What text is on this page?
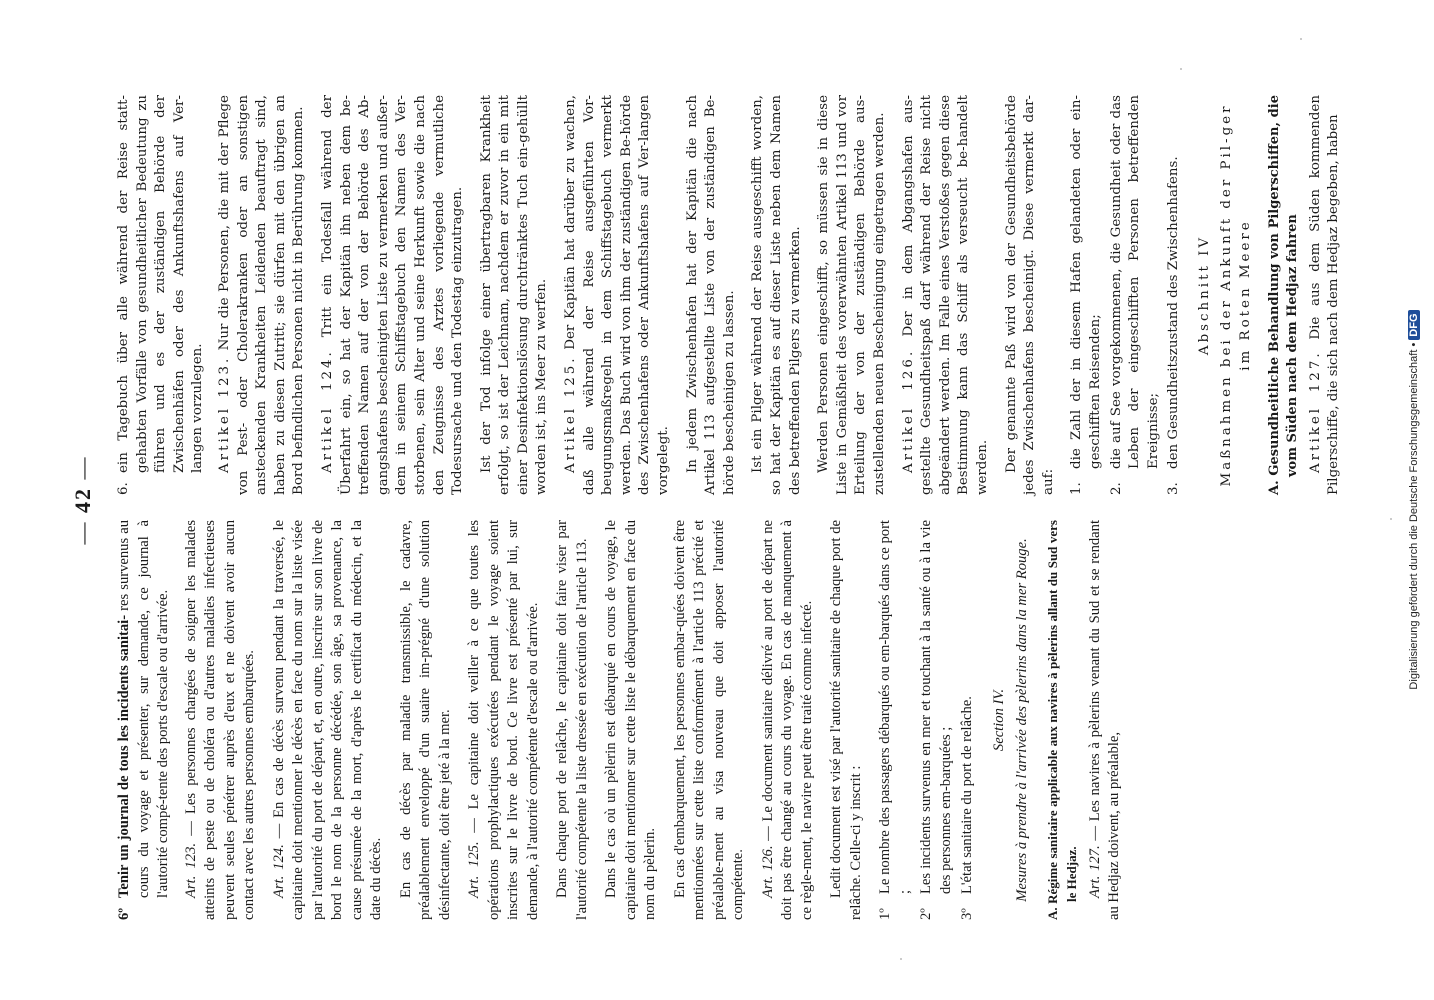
— 42 —
6ºTenir un journal de tous les incidents sanitai- res survenus au cours du voyage et présenter, sur demande, ce journal à l'autorité compé-tente des ports d'escale ou d'arrivée. Art. 123. — Les personnes chargées de soigner les malades atteints de peste ou de choléra ou d'autres maladies infectieuses peuvent seules pénétrer auprès d'eux et ne doivent avoir aucun contact avec les autres personnes embarquées. Art. 124. — En cas de décès survenu pendant la traversée, le capitaine doit mentionner le décès en face du nom sur la liste visée par l'autorité du port de départ, et, en outre, inscrire sur son livre de bord le nom de la personne décédée, son âge, sa provenance, la cause présumée de la mort, d'après le certificat du médecin, et la date du décès. En cas de décès par maladie transmissible, le cadavre, préalablement enveloppé d'un suaire im-prégné d'une solution désinfectante, doit être jeté à la mer. Art. 125. — Le capitaine doit veiller à ce que toutes les opérations prophylactiques exécutées pendant le voyage soient inscrites sur le livre de bord. Ce livre est présenté par lui, sur demande, à l'autorité compétente d'escale ou d'arrivée. Dans chaque port de relâche, le capitaine doit faire viser par l'autorité compétente la liste dressée en exécution de l'article 113. Dans le cas où un pèlerin est débarqué en cours de voyage, le capitaine doit mentionner sur cette liste le débarquement en face du nom du pèlerin. En cas d'embarquement, les personnes embar-quées doivent être mentionnées sur cette liste conformément à l'article 113 précité et préalable-ment au visa nouveau que doit apposer l'autorité compétente. Art. 126. — Le document sanitaire délivré au port de départ ne doit pas être changé au cours du voyage. En cas de manquement à ce règle-ment, le navire peut être traité comme infecté. Ledit document est visé par l'autorité sanitaire de chaque port de relâche. Celle-ci y inscrit : 1ºLe nombre des passagers débarqués ou em-barqués dans ce port ;
2ºLes incidents survenus en mer et touchant à la santé ou à la vie des personnes em-barquées ;
3ºL'état sanitaire du port de relâche. Section IV. Mesures à prendre à l'arrivée des pèlerins dans la mer Rouge. A. Régime sanitaire applicable aux navires à pèlerins allant du Sud vers le Hedjaz. Art. 127. — Les navires à pèlerins venant du Sud et se rendant au Hedjaz doivent, au préalable,

6.ein Tagebuch über alle während der Reise statt-gehabten Vorfälle von gesundheitlicher Bedeutung zu führen und es der zuständigen Behörde der Zwischenhäfen oder des Ankunftshafens auf Ver-langen vorzulegen. Artikel 123. Nur die Personen, die mit der Pflege von Pest- oder Cholerakranken oder an sonstigen ansteckenden Krankheiten Leidenden beauftragt sind, haben zu diesen Zutritt; sie dürfen mit den übrigen an Bord befindlichen Personen nicht in Berührung kommen. Artikel 124. Tritt ein Todesfall während der Überfahrt ein, so hat der Kapitän ihn neben dem be-treffenden Namen auf der von der Behörde des Ab-gangshafens bescheinigten Liste zu vermerken und außer-dem in seinem Schiffstagebuch den Namen des Ver-storbenen, sein Alter und seine Herkunft sowie die nach den Zeugnisse des Arztes vorliegende vermutliche Todesursache und den Todestag einzutragen. Ist der Tod infolge einer übertragbaren Krankheit erfolgt, so ist der Leichnam, nachdem er zuvor in ein mit einer Desinfektionslösung durchtränktes Tuch ein-gehüllt worden ist, ins Meer zu werfen. Artikel 125. Der Kapitän hat darüber zu wachen, daß alle während der Reise ausgeführten Vor-beugungsmaßregeln in dem Schiffstagebuch vermerkt werden. Das Buch wird von ihm der zuständigen Be-hörde des Zwischenhafens oder Ankunftshafens auf Ver-langen vorgelegt. In jedem Zwischenhafen hat der Kapitän die nach Artikel 113 aufgestellte Liste von der zuständigen Be-hörde bescheinigen zu lassen. Ist ein Pilger während der Reise ausgeschifft worden, so hat der Kapitän es auf dieser Liste neben dem Namen des betreffenden Pilgers zu vermerken. Werden Personen eingeschifft, so müssen sie in diese Liste in Gemäßheit des vorerwähnten Artikel 113 und vor Erteilung der von der zuständigen Behörde aus-zustellenden neuen Bescheinigung eingetragen werden. Artikel 126. Der in dem Abgangshafen aus-gestellte Gesundheitspaß darf während der Reise nicht abgeändert werden. Im Falle eines Verstoßes gegen diese Bestimmung kann das Schiff als verseucht be-handelt werden. Der genannte Paß wird von der Gesundheitsbehörde jedes Zwischenhafens bescheinigt. Diese vermerkt dar-auf: 1.die Zahl der in diesem Hafen gelandeten oder ein-geschifften Reisenden;
2.die auf See vorgekommenen, die Gesundheit oder das Leben der eingeschifften Personen betreffenden Ereignisse;
3.den Gesundheitszustand des Zwischenhafens. Abschnitt IV Maßnahmen bei der Ankunft der Pil-ger im Roten Meere A. Gesundheitliche Behandlung von Pilgerschiffen, die vom Süden nach dem Hedjaz fahren Artikel 127. Die aus dem Süden kommenden Pilgerschiffe, die sich nach dem Hedjaz begeben, haben

Digitalisierung gefördert durch die Deutsche Forschungsgemeinschaft •DFG
